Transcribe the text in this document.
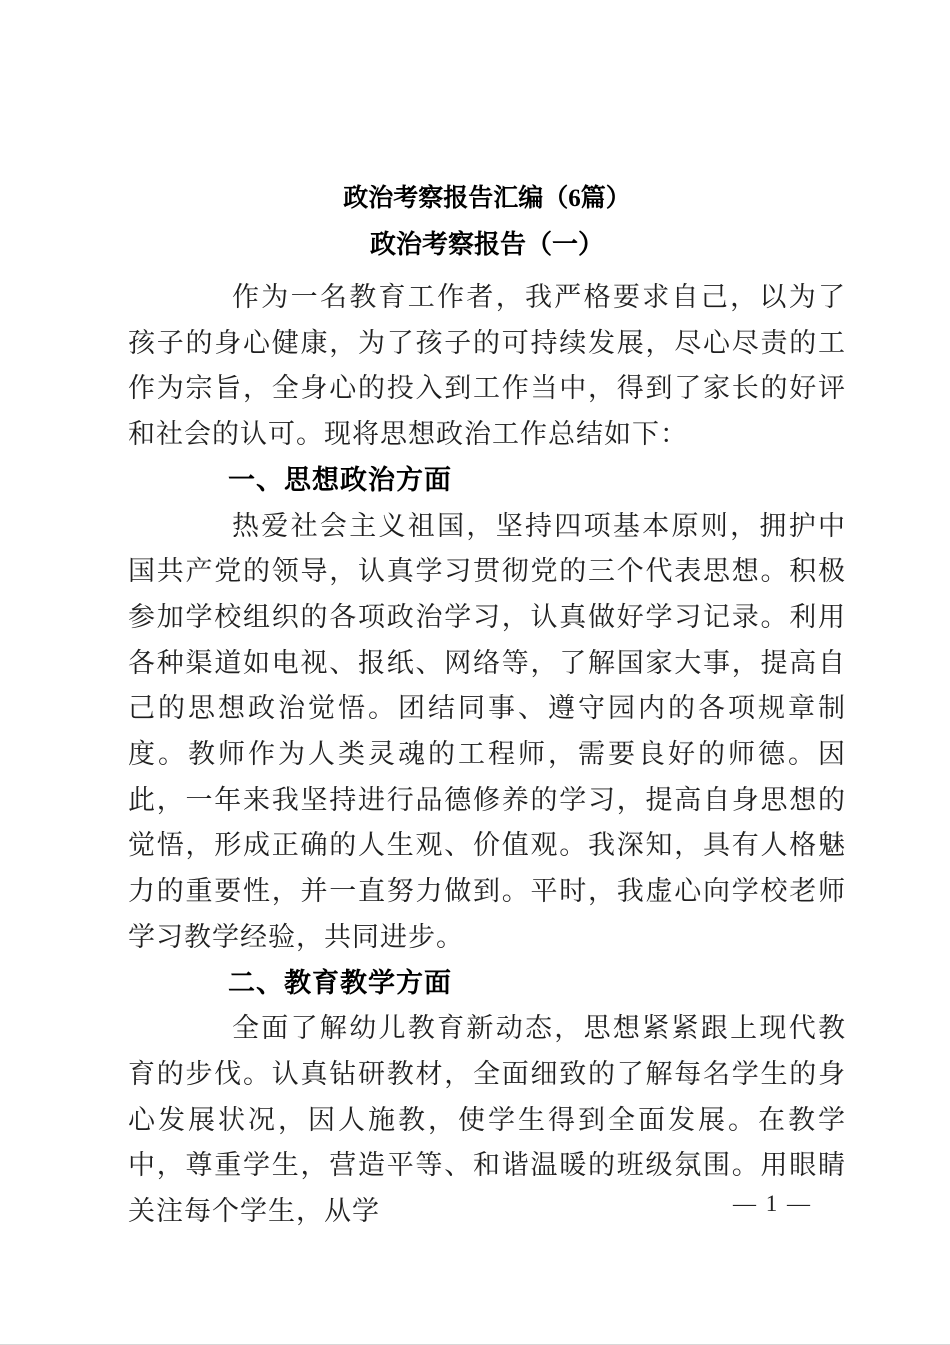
政治考察报告汇编（6篇）
政治考察报告（一）

作为一名教育工作者，我严格要求自己，以为了孩子的身心健康，为了孩子的可持续发展，尽心尽责的工作为宗旨，全身心的投入到工作当中，得到了家长的好评和社会的认可。现将思想政治工作总结如下：

一、思想政治方面

热爱社会主义祖国，坚持四项基本原则，拥护中国共产党的领导，认真学习贯彻党的三个代表思想。积极参加学校组织的各项政治学习，认真做好学习记录。利用各种渠道如电视、报纸、网络等，了解国家大事，提高自己的思想政治觉悟。团结同事、遵守园内的各项规章制度。教师作为人类灵魂的工程师，需要良好的师德。因此，一年来我坚持进行品德修养的学习，提高自身思想的觉悟，形成正确的人生观、价值观。我深知，具有人格魅力的重要性，并一直努力做到。平时，我虚心向学校老师学习教学经验，共同进步。

二、教育教学方面

全面了解幼儿教育新动态，思想紧紧跟上现代教育的步伐。认真钻研教材，全面细致的了解每名学生的身心发展状况，因人施教，使学生得到全面发展。在教学中，尊重学生，营造平等、和谐温暖的班级氛围。用眼睛关注每个学生，从学	— 1 —
